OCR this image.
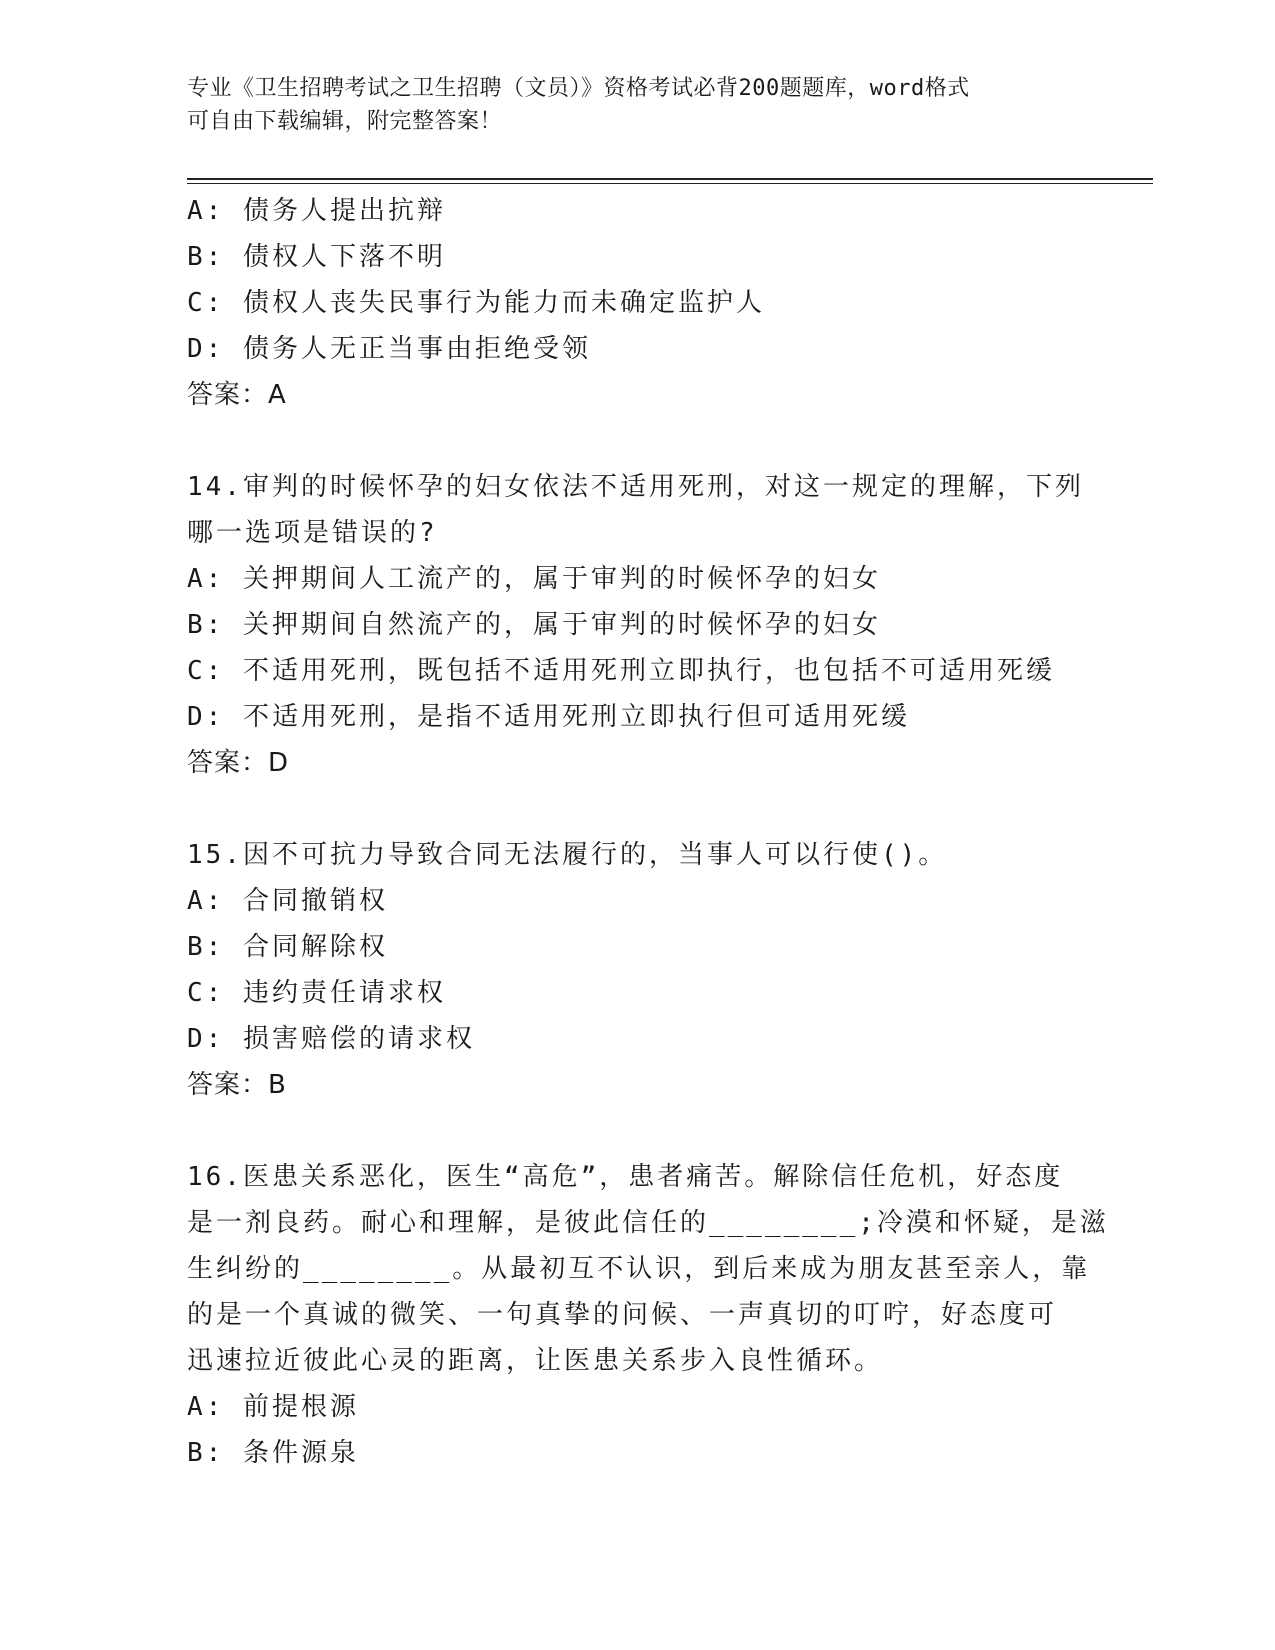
专业《卫生招聘考试之卫生招聘（文员）》资格考试必背200题题库，word格式
可自由下载编辑，附完整答案！
A: 债务人提出抗辩
B: 债权人下落不明
C: 债权人丧失民事行为能力而未确定监护人
D: 债务人无正当事由拒绝受领
答案：A
14.审判的时候怀孕的妇女依法不适用死刑，对这一规定的理解，下列
哪一选项是错误的?
A: 关押期间人工流产的，属于审判的时候怀孕的妇女
B: 关押期间自然流产的，属于审判的时候怀孕的妇女
C: 不适用死刑，既包括不适用死刑立即执行，也包括不可适用死缓
D: 不适用死刑，是指不适用死刑立即执行但可适用死缓
答案：D
15.因不可抗力导致合同无法履行的，当事人可以行使()。
A: 合同撤销权
B: 合同解除权
C: 违约责任请求权
D: 损害赔偿的请求权
答案：B
16.医患关系恶化，医生“高危”，患者痛苦。解除信任危机，好态度
是一剂良药。耐心和理解，是彼此信任的________;冷漠和怀疑，是滋
生纠纷的________。从最初互不认识，到后来成为朋友甚至亲人，靠
的是一个真诚的微笑、一句真挚的问候、一声真切的叮咛，好态度可
迅速拉近彼此心灵的距离，让医患关系步入良性循环。
A: 前提根源
B: 条件源泉
